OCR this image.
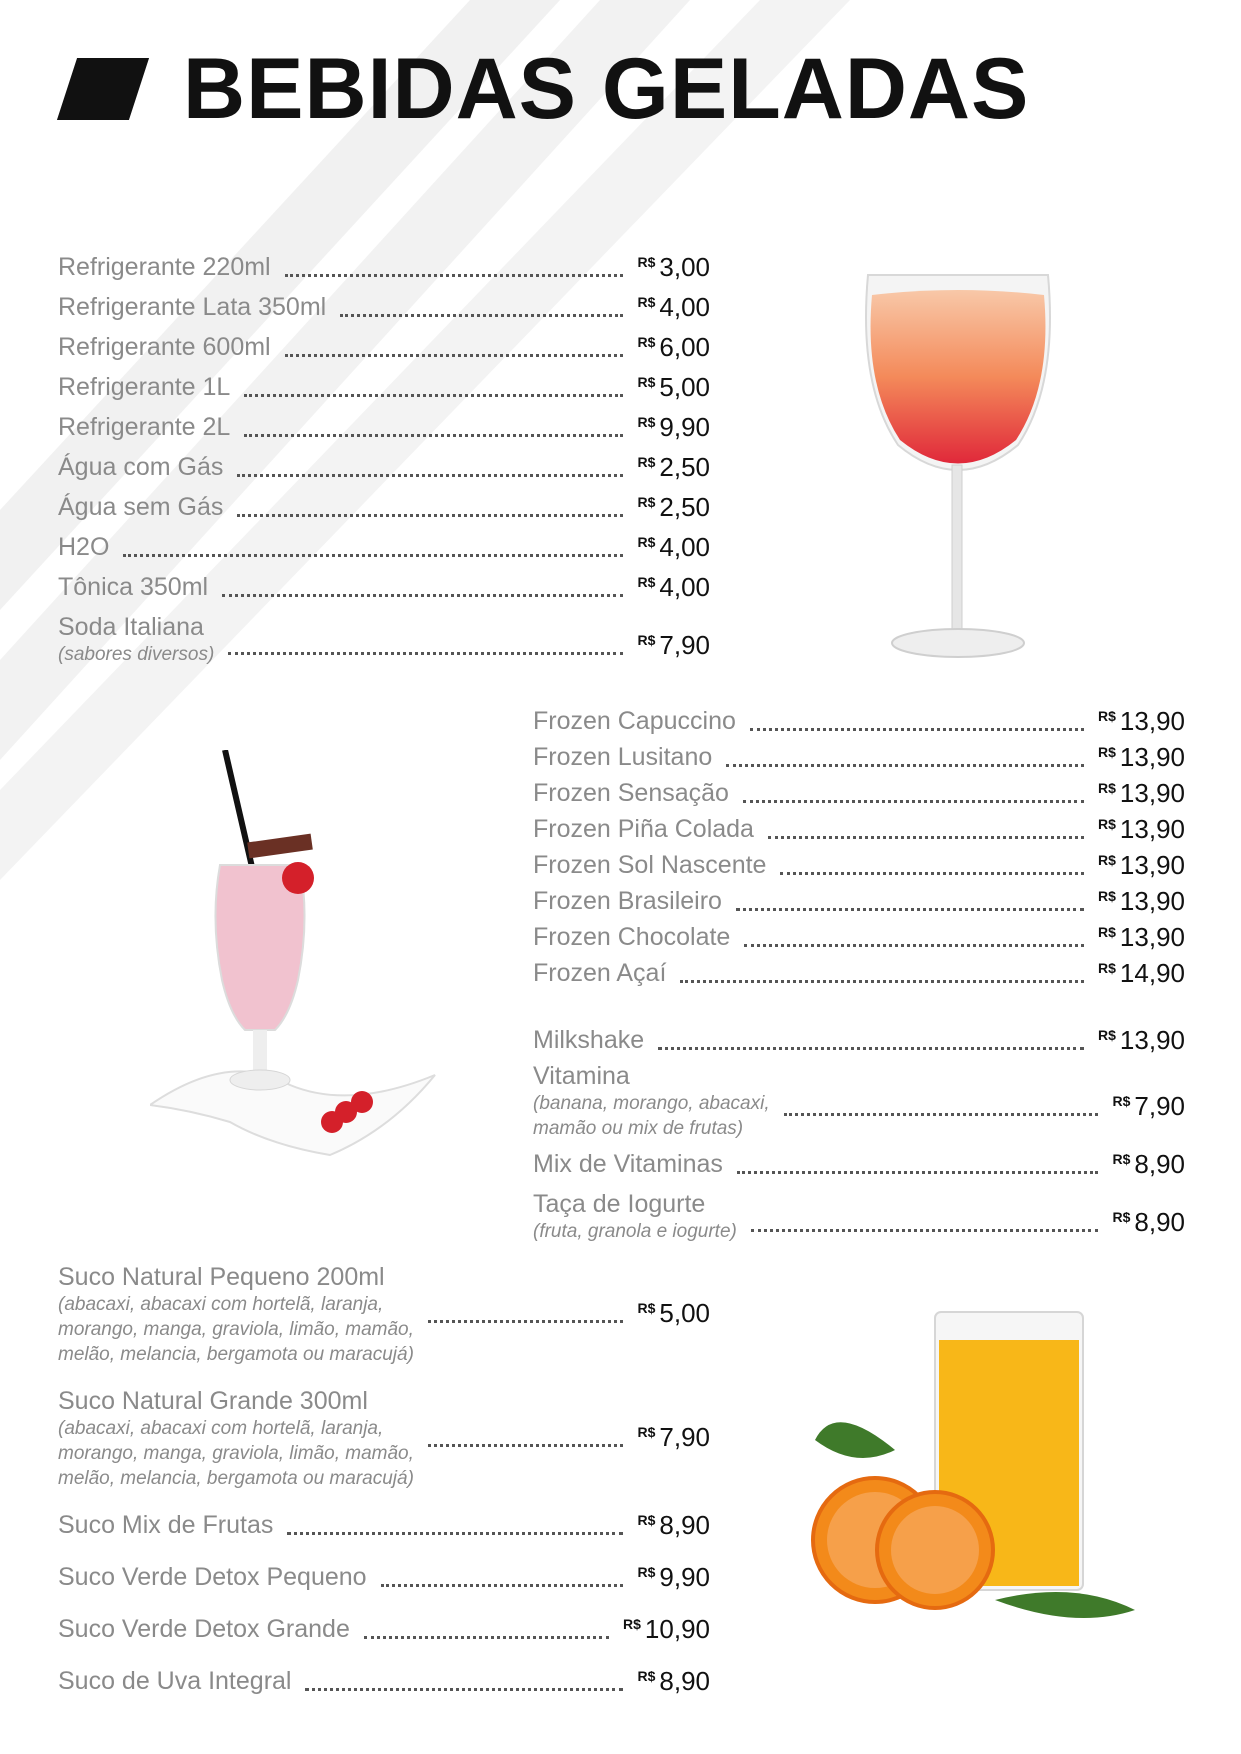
BEBIDAS GELADAS
Refrigerante 220ml	R$ 3,00
Refrigerante Lata 350ml	R$ 4,00
Refrigerante 600ml	R$ 6,00
Refrigerante 1L	R$ 5,00
Refrigerante 2L	R$ 9,90
Água com Gás	R$ 2,50
Água sem Gás	R$ 2,50
H2O	R$ 4,00
Tônica 350ml	R$ 4,00
Soda Italiana
(sabores diversos)
R$ 7,90
Frozen Capuccino	R$ 13,90
Frozen Lusitano	R$ 13,90
Frozen Sensação	R$ 13,90
Frozen Piña Colada	R$ 13,90
Frozen Sol Nascente	R$ 13,90
Frozen Brasileiro	R$ 13,90
Frozen Chocolate	R$ 13,90
Frozen Açaí	R$ 14,90
Milkshake	R$ 13,90
Vitamina
(banana, morango, abacaxi,
mamão ou mix de frutas)
R$ 7,90
Mix de Vitaminas	R$ 8,90
Taça de Iogurte
(fruta, granola e iogurte)
R$ 8,90
Suco Natural Pequeno 200ml
(abacaxi, abacaxi com hortelã, laranja,
morango, manga, graviola, limão, mamão,
melão, melancia, bergamota ou maracujá)
R$ 5,00
Suco Natural Grande 300ml
(abacaxi, abacaxi com hortelã, laranja,
morango, manga, graviola, limão, mamão,
melão, melancia, bergamota ou maracujá)
R$ 7,90
Suco Mix de Frutas	R$ 8,90
Suco Verde Detox Pequeno	R$ 9,90
Suco Verde Detox Grande	R$ 10,90
Suco de Uva Integral	R$ 8,90
